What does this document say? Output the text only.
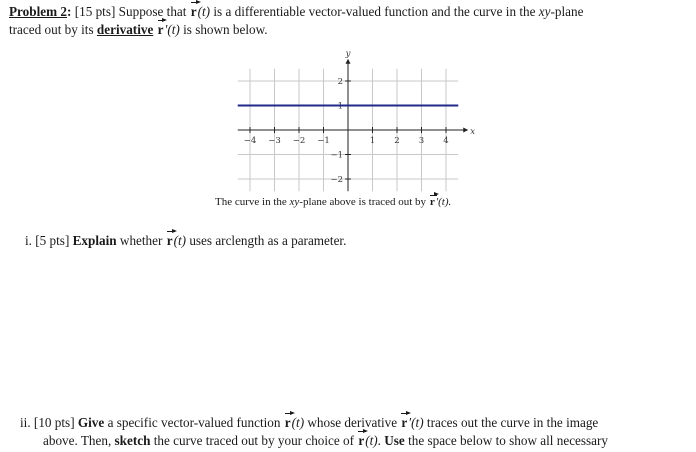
Problem 2: [15 pts] Suppose that r(t) is a differentiable vector-valued function and the curve in the xy-plane
traced out by its derivative r′(t) is shown below.
−4 −3 −2 −1	1 2 3 4
−2
−1
1
2
x
y
The curve in the xy-plane above is traced out by r′(t).
i. [5 pts] Explain whether r(t) uses arclength as a parameter.
ii. [10 pts] Give a specific vector-valued function r(t) whose derivative r′(t) traces out the curve in the image
above. Then, sketch the curve traced out by your choice of r(t). Use the space below to show all necessary
